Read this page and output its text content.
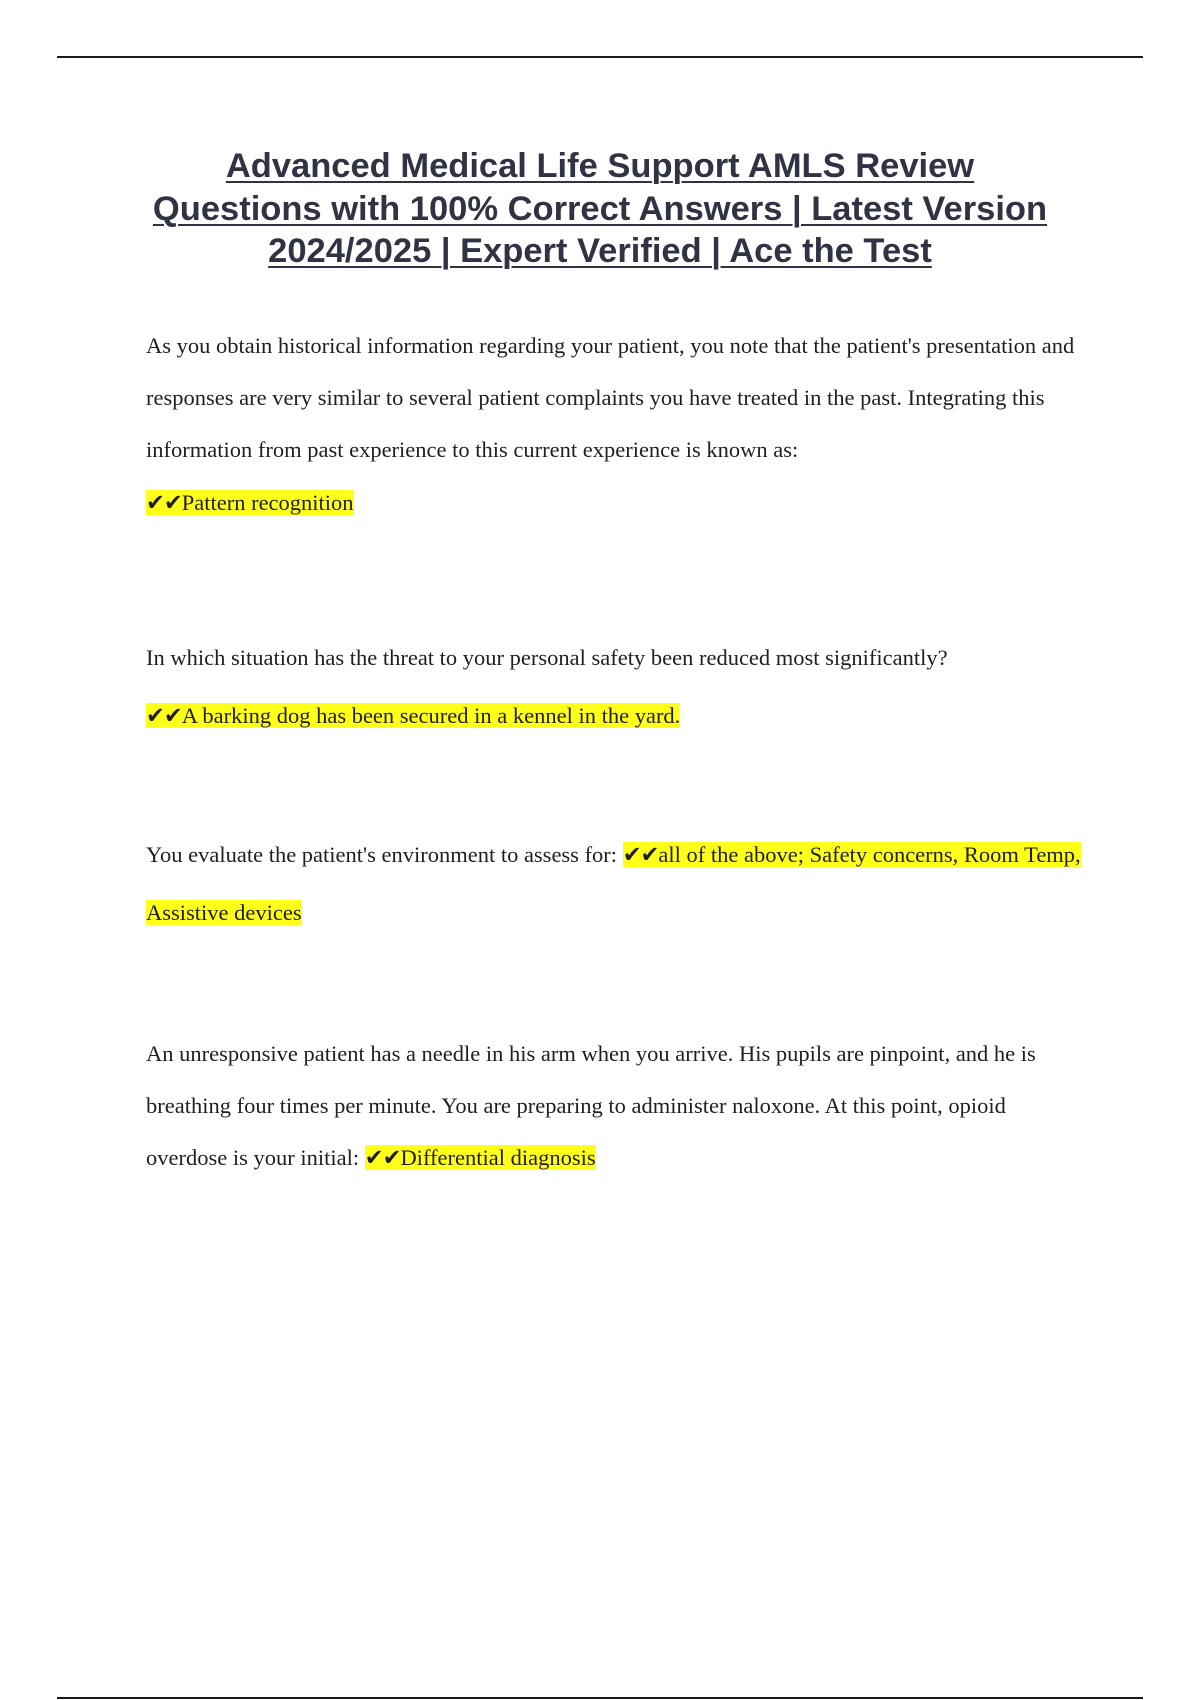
Advanced Medical Life Support AMLS Review Questions with 100% Correct Answers | Latest Version 2024/2025 | Expert Verified | Ace the Test

As you obtain historical information regarding your patient, you note that the patient's presentation and responses are very similar to several patient complaints you have treated in the past. Integrating this information from past experience to this current experience is known as:

✔✔Pattern recognition

In which situation has the threat to your personal safety been reduced most significantly?

✔✔A barking dog has been secured in a kennel in the yard.

You evaluate the patient's environment to assess for: ✔✔all of the above; Safety concerns, Room Temp, Assistive devices

An unresponsive patient has a needle in his arm when you arrive. His pupils are pinpoint, and he is breathing four times per minute. You are preparing to administer naloxone. At this point, opioid overdose is your initial: ✔✔Differential diagnosis
